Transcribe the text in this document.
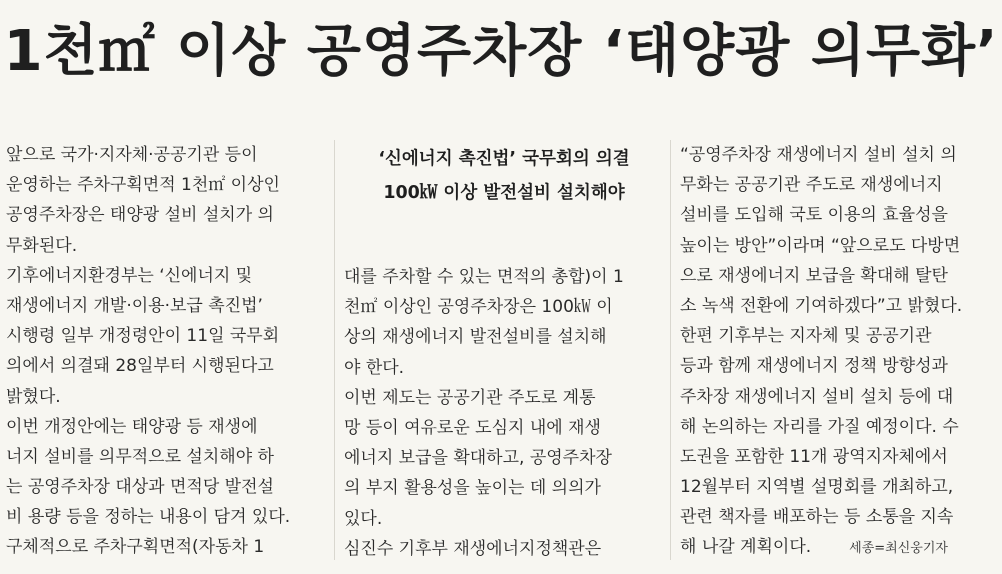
1천㎡ 이상 공영주차장 ‘태양광 의무화’
앞으로 국가·지자체·공공기관 등이
운영하는 주차구획면적 1천㎡ 이상인
공영주차장은 태양광 설비 설치가 의
무화된다.
기후에너지환경부는 ‘신에너지 및
재생에너지 개발·이용·보급 촉진법’
시행령 일부 개정령안이 11일 국무회
의에서 의결돼 28일부터 시행된다고
밝혔다.
이번 개정안에는 태양광 등 재생에
너지 설비를 의무적으로 설치해야 하
는 공영주차장 대상과 면적당 발전설
비 용량 등을 정하는 내용이 담겨 있다.
구체적으로 주차구획면적(자동차 1
‘신에너지 촉진법’ 국무회의 의결
100㎾ 이상 발전설비 설치해야
대를 주차할 수 있는 면적의 총합)이 1
천㎡ 이상인 공영주차장은 100㎾ 이
상의 재생에너지 발전설비를 설치해
야 한다.
이번 제도는 공공기관 주도로 계통
망 등이 여유로운 도심지 내에 재생
에너지 보급을 확대하고, 공영주차장
의 부지 활용성을 높이는 데 의의가
있다.
심진수 기후부 재생에너지정책관은
“공영주차장 재생에너지 설비 설치 의
무화는 공공기관 주도로 재생에너지
설비를 도입해 국토 이용의 효율성을
높이는 방안”이라며 “앞으로도 다방면
으로 재생에너지 보급을 확대해 탈탄
소 녹색 전환에 기여하겠다”고 밝혔다.
한편 기후부는 지자체 및 공공기관
등과 함께 재생에너지 정책 방향성과
주차장 재생에너지 설비 설치 등에 대
해 논의하는 자리를 가질 예정이다. 수
도권을 포함한 11개 광역지자체에서
12월부터 지역별 설명회를 개최하고,
관련 책자를 배포하는 등 소통을 지속
해 나갈 계획이다.	세종=최신웅기자
